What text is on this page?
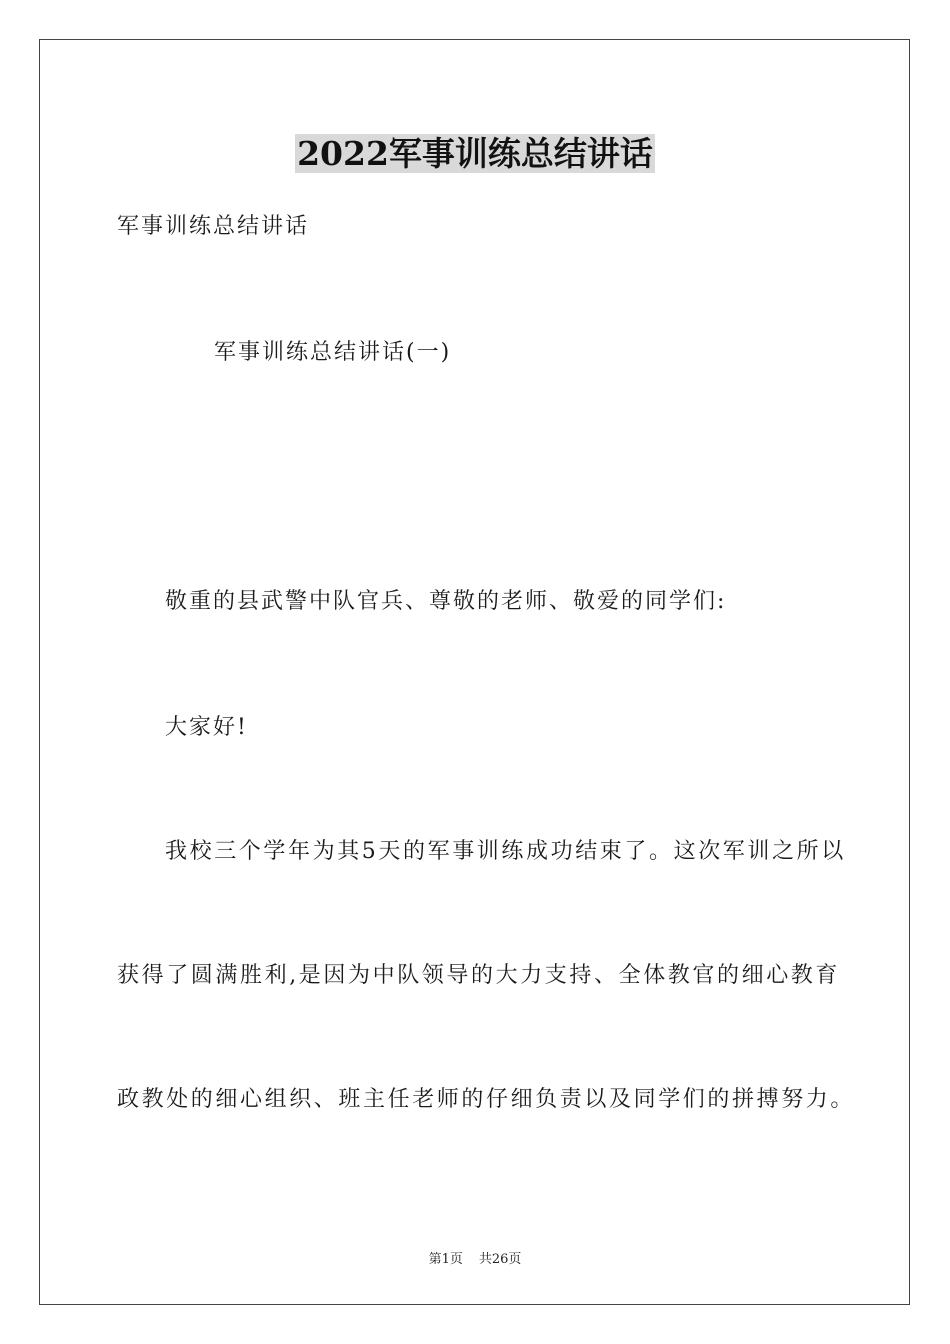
2022军事训练总结讲话
军事训练总结讲话
军事训练总结讲话(一)
敬重的县武警中队官兵、尊敬的老师、敬爱的同学们:
大家好!
我校三个学年为其5天的军事训练成功结束了。这次军训之所以
获得了圆满胜利,是因为中队领导的大力支持、全体教官的细心教育
政教处的细心组织、班主任老师的仔细负责以及同学们的拼搏努力。
第1页 共26页
